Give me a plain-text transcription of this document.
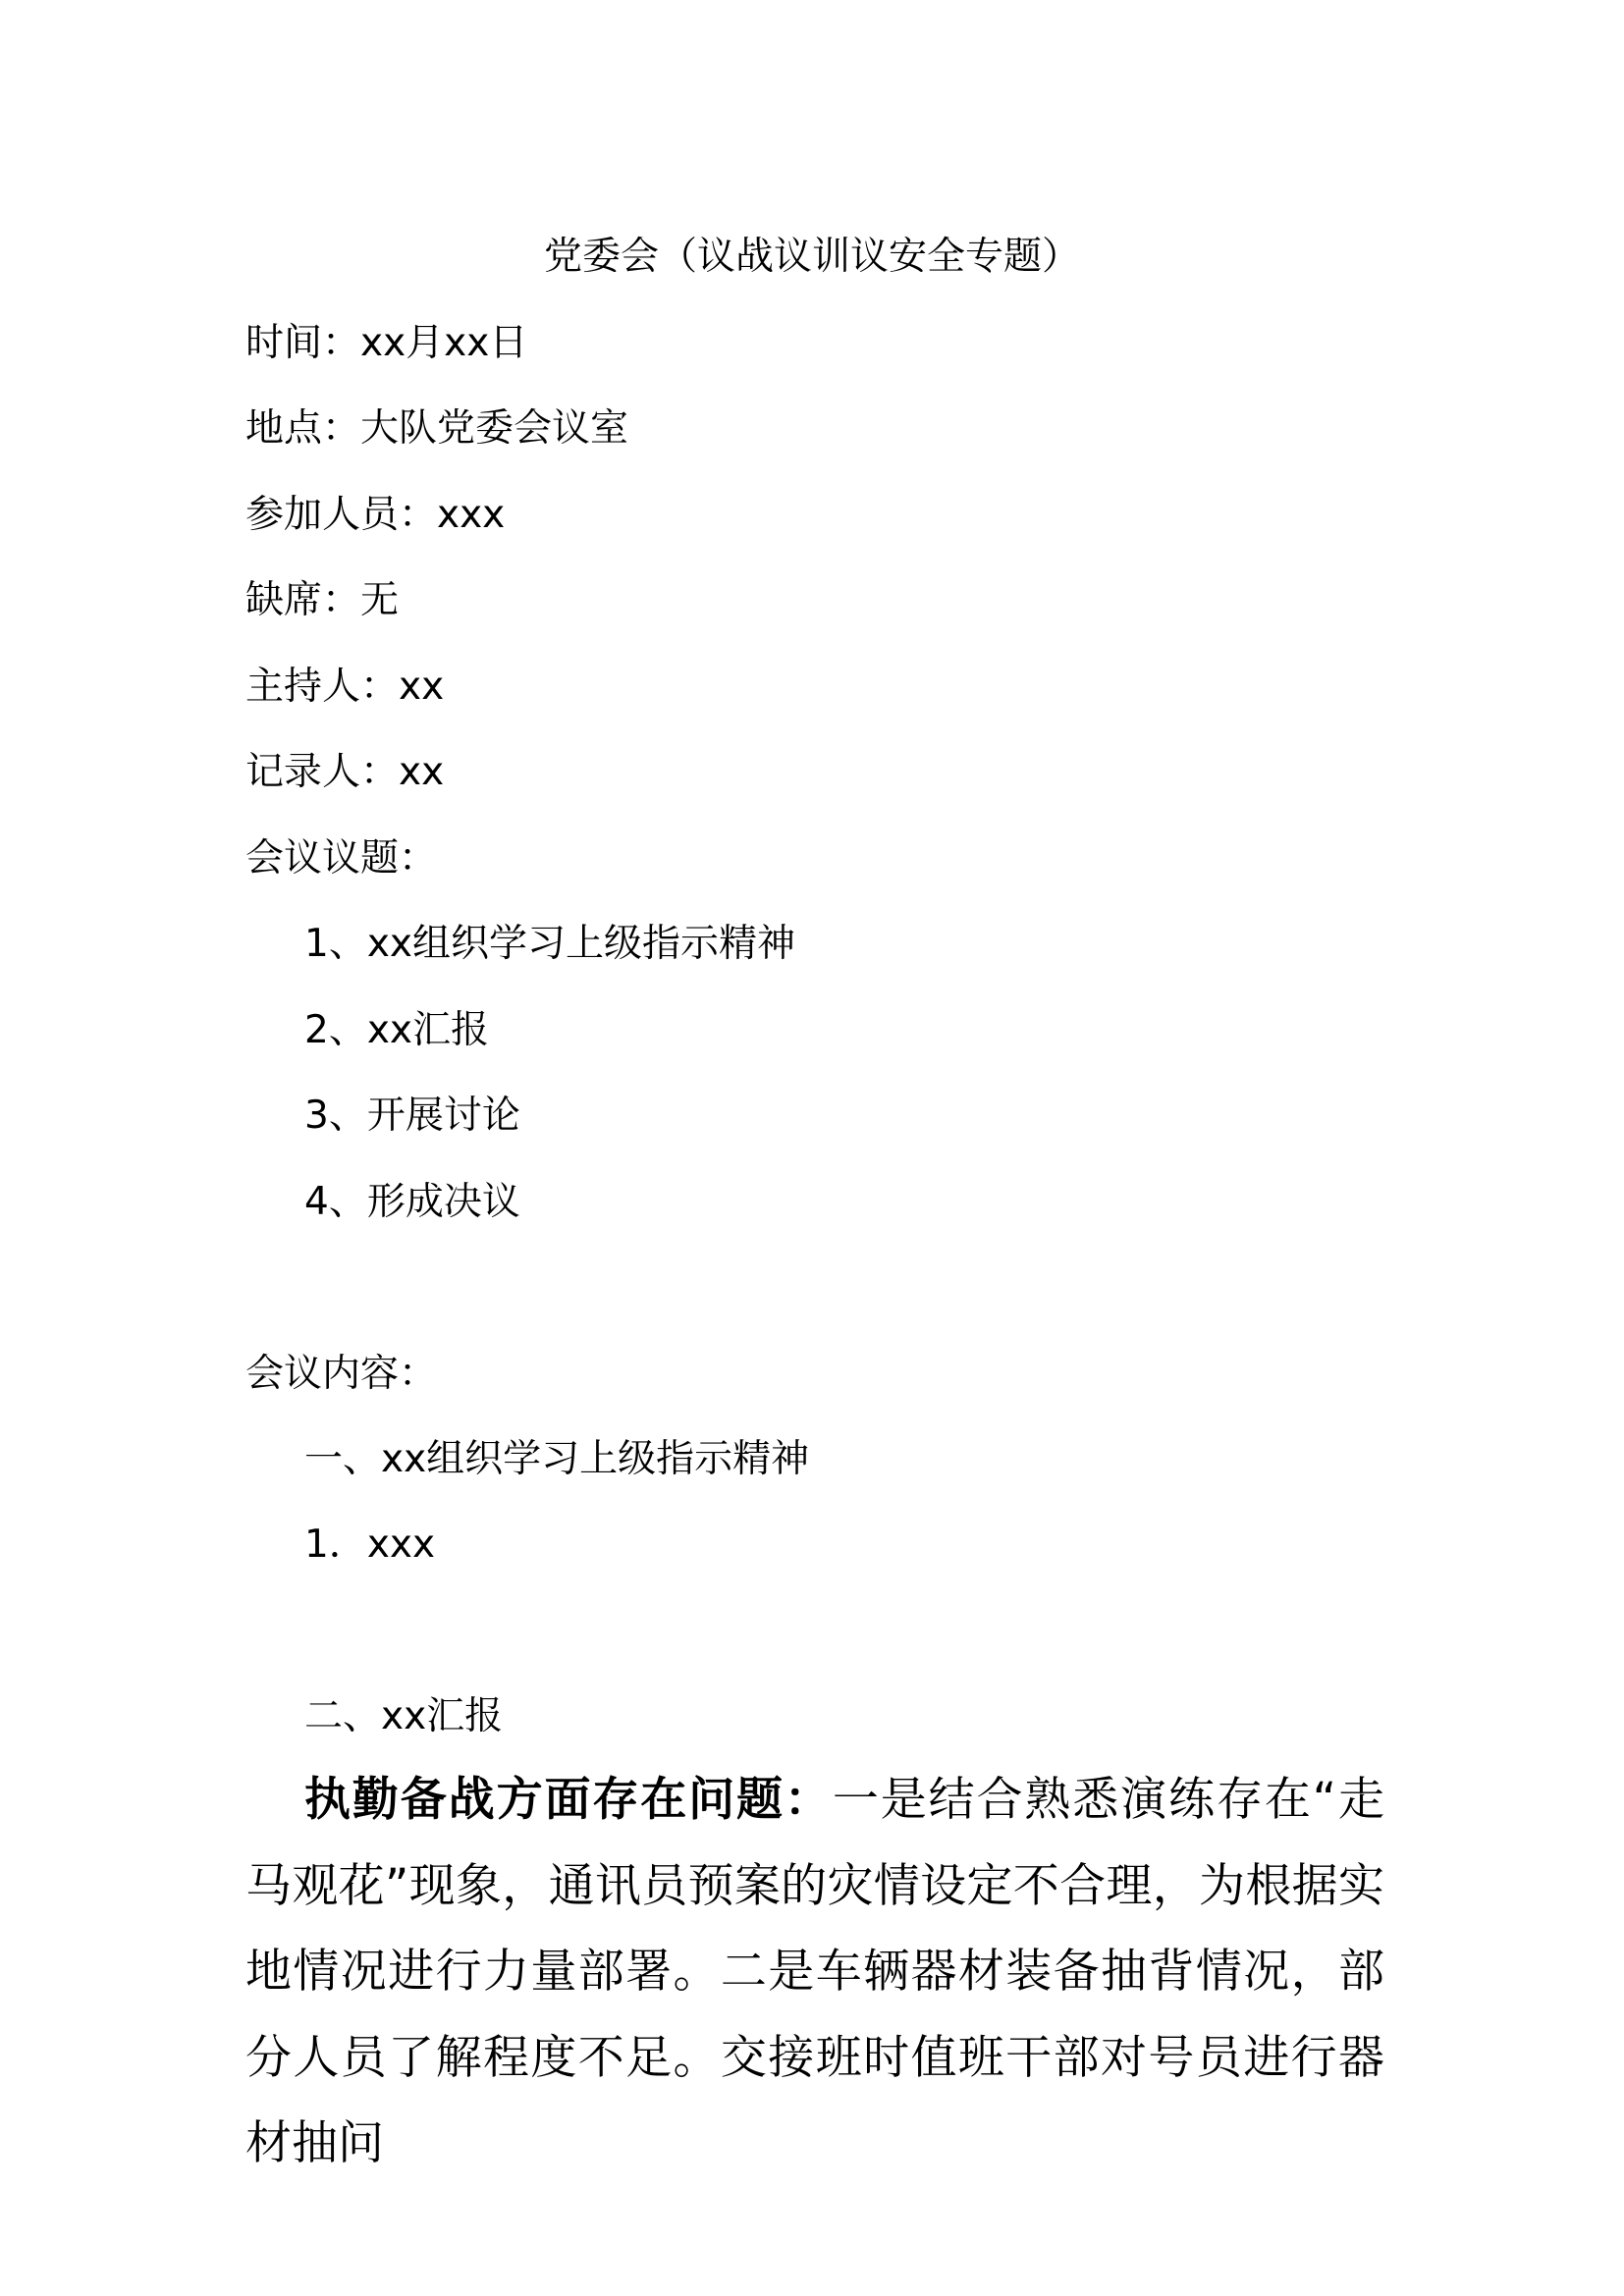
党委会（议战议训议安全专题）
时间：xx月xx日
地点：大队党委会议室
参加人员：xxx
缺席：无
主持人：xx
记录人：xx
会议议题：
1、xx组织学习上级指示精神
2、xx汇报
3、开展讨论
4、形成决议
会议内容：
一、xx组织学习上级指示精神
1．xxx
二、xx汇报
执勤备战方面存在问题：一是结合熟悉演练存在“走马观花”现象，通讯员预案的灾情设定不合理，为根据实地情况进行力量部署。二是车辆器材装备抽背情况，部分人员了解程度不足。交接班时值班干部对号员进行器材抽问
